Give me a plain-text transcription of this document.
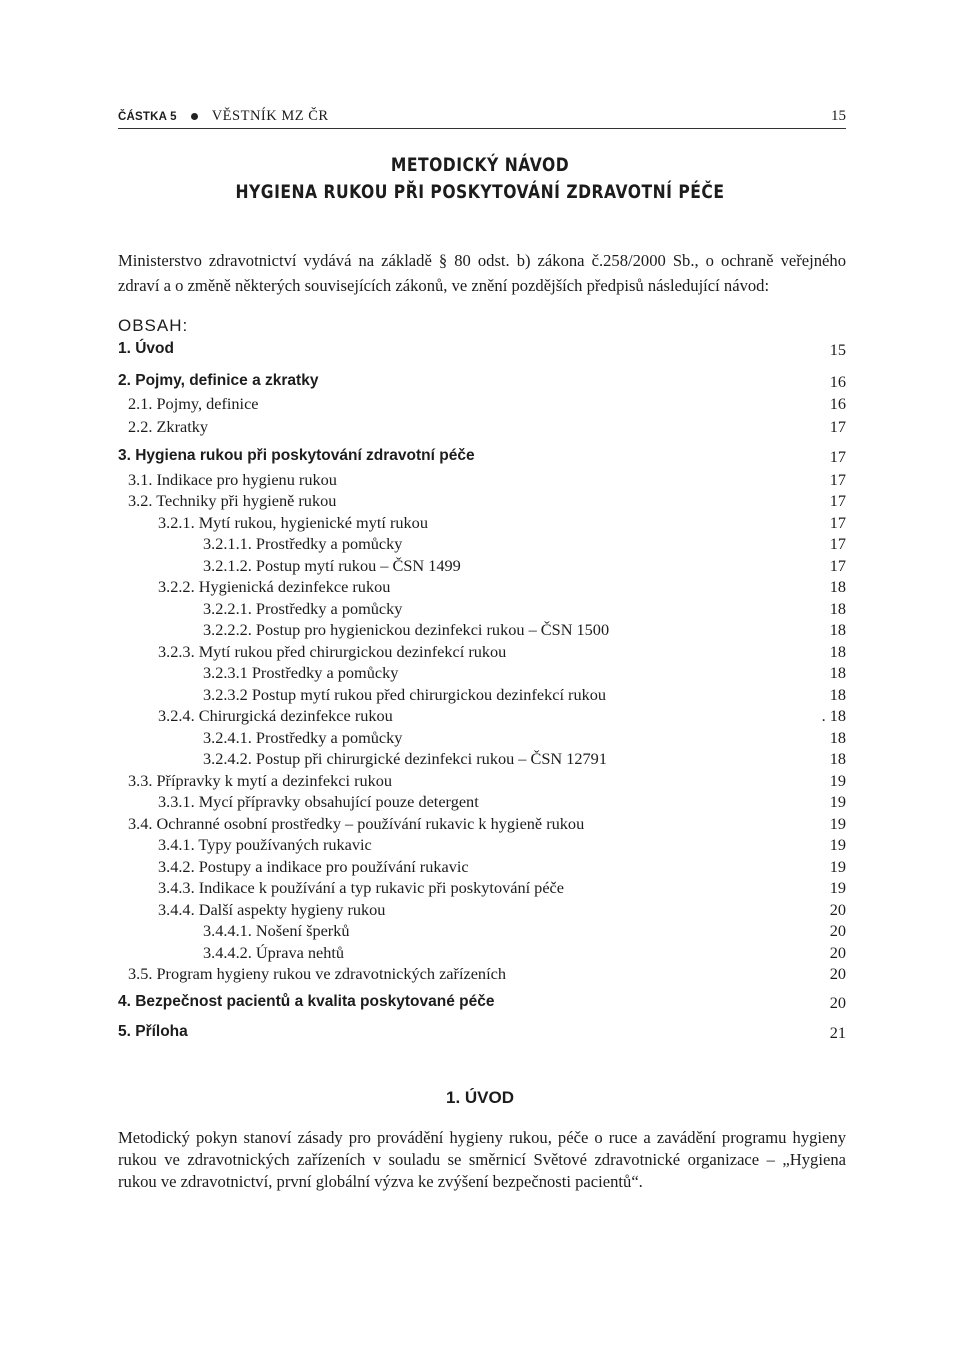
ČÁSTKA 5 VĚSTNÍK MZ ČR	15
METODICKÝ NÁVOD
HYGIENA RUKOU PŘI POSKYTOVÁNÍ ZDRAVOTNÍ PÉČE
Ministerstvo zdravotnictví vydává na základě § 80 odst. b) zákona č.258/2000 Sb., o ochraně veřejného zdraví a o změně některých souvisejících zákonů, ve znění pozdějších předpisů následující návod:
OBSAH:
1. Úvod	15
2. Pojmy, definice a zkratky	16
2.1. Pojmy, definice	16
2.2. Zkratky	17
3. Hygiena rukou při poskytování zdravotní péče	17
3.1. Indikace pro hygienu rukou	17
3.2. Techniky při hygieně rukou	17
3.2.1. Mytí rukou, hygienické mytí rukou	17
3.2.1.1. Prostředky a pomůcky	17
3.2.1.2. Postup mytí rukou – ČSN 1499	17
3.2.2. Hygienická dezinfekce rukou	18
3.2.2.1. Prostředky a pomůcky	18
3.2.2.2. Postup pro hygienickou dezinfekci rukou – ČSN 1500	18
3.2.3. Mytí rukou před chirurgickou dezinfekcí rukou	18
3.2.3.1 Prostředky a pomůcky	18
3.2.3.2 Postup mytí rukou před chirurgickou dezinfekcí rukou	18
3.2.4. Chirurgická dezinfekce rukou	. 18
3.2.4.1. Prostředky a pomůcky	18
3.2.4.2. Postup při chirurgické dezinfekci rukou – ČSN 12791	18
3.3. Přípravky k mytí a dezinfekci rukou	19
3.3.1. Mycí přípravky obsahující pouze detergent	19
3.4. Ochranné osobní prostředky – používání rukavic k hygieně rukou	19
3.4.1. Typy používaných rukavic	19
3.4.2. Postupy a indikace pro používání rukavic	19
3.4.3. Indikace k používání a typ rukavic při poskytování péče	19
3.4.4. Další aspekty hygieny rukou	20
3.4.4.1. Nošení šperků	20
3.4.4.2. Úprava nehtů	20
3.5. Program hygieny rukou ve zdravotnických zařízeních	20
4. Bezpečnost pacientů a kvalita poskytované péče	20
5. Příloha	21
1. ÚVOD
Metodický pokyn stanoví zásady pro provádění hygieny rukou, péče o ruce a zavádění programu hygieny rukou ve zdravotnických zařízeních v souladu se směrnicí Světové zdravotnické organizace – „Hygiena rukou ve zdravotnictví, první globální výzva ke zvýšení bezpečnosti pacientů“.
